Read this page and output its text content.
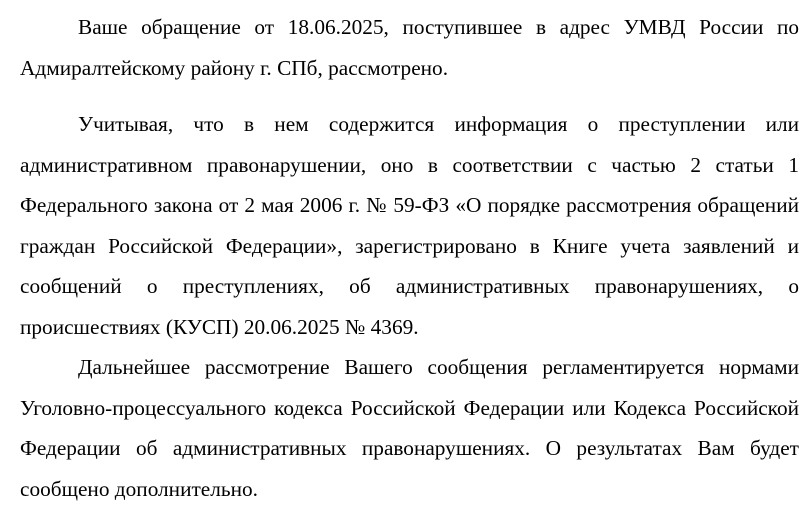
Ваше обращение от 18.06.2025, поступившее в адрес УМВД России по Адмиралтейскому району г. СПб, рассмотрено.

Учитывая, что в нем содержится информация о преступлении или административном правонарушении, оно в соответствии с частью 2 статьи 1 Федерального закона от 2 мая 2006 г. № 59-ФЗ «О порядке рассмотрения обращений граждан Российской Федерации», зарегистрировано в Книге учета заявлений и сообщений о преступлениях, об административных правонарушениях, о происшествиях (КУСП) 20.06.2025 № 4369.

Дальнейшее рассмотрение Вашего сообщения регламентируется нормами Уголовно-процессуального кодекса Российской Федерации или Кодекса Российской Федерации об административных правонарушениях. О результатах Вам будет сообщено дополнительно.
